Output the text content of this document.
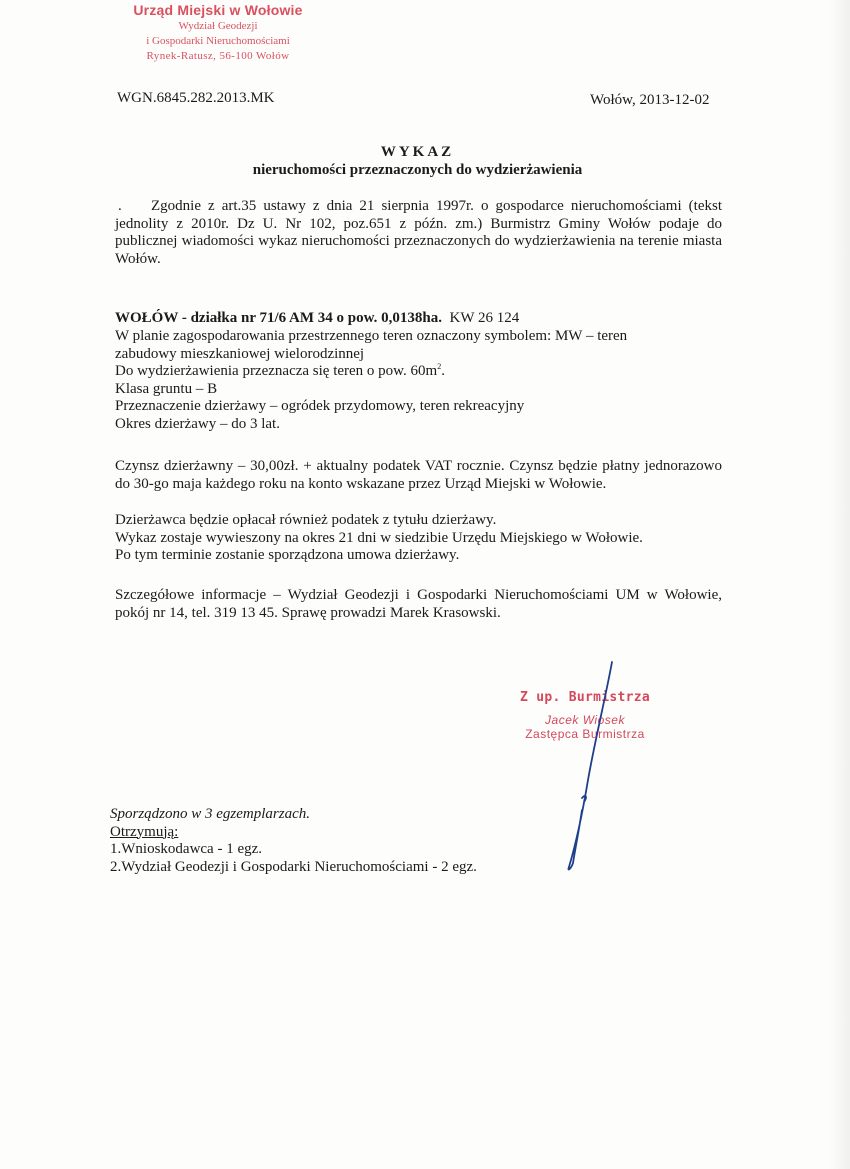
Urząd Miejski w Wołowie
Wydział Geodezji
i Gospodarki Nieruchomościami
Rynek-Ratusz, 56-100 Wołów
WGN.6845.282.2013.MK	Wołów, 2013-12-02
WYKAZ
nieruchomości przeznaczonych do wydzierżawienia
.	Zgodnie z art.35 ustawy z dnia 21 sierpnia 1997r. o gospodarce nieruchomościami (tekst jednolity z 2010r. Dz U. Nr 102, poz.651 z późn. zm.) Burmistrz Gminy Wołów podaje do publicznej wiadomości wykaz nieruchomości przeznaczonych do wydzierżawienia na terenie miasta Wołów.
WOŁÓW - działka nr 71/6 AM 34 o pow. 0,0138ha. KW 26 124

W planie zagospodarowania przestrzennego teren oznaczony symbolem: MW – teren

zabudowy mieszkaniowej wielorodzinnej

Do wydzierżawienia przeznacza się teren o pow. $60m^2$.

Klasa gruntu – B

Przeznaczenie dzierżawy – ogródek przydomowy, teren rekreacyjny

Okres dzierżawy – do 3 lat.

Czynsz dzierżawny – 30,00zł. + aktualny podatek VAT rocznie. Czynsz będzie płatny jednorazowo do 30-go maja każdego roku na konto wskazane przez Urząd Miejski w Wołowie.

Dzierżawca będzie opłacał również podatek z tytułu dzierżawy.

Wykaz zostaje wywieszony na okres 21 dni w siedzibie Urzędu Miejskiego w Wołowie.

Po tym terminie zostanie sporządzona umowa dzierżawy.

Szczegółowe informacje – Wydział Geodezji i Gospodarki Nieruchomościami UM w Wołowie, pokój nr 14, tel. 319 13 45. Sprawę prowadzi Marek Krasowski.
Z up. Burmistrza
Jacek Wiosek
Zastępca Burmistrza

Sporządzono w 3 egzemplarzach.

Otrzymują:

1.Wnioskodawca - 1 egz.

2.Wydział Geodezji i Gospodarki Nieruchomościami - 2 egz.
